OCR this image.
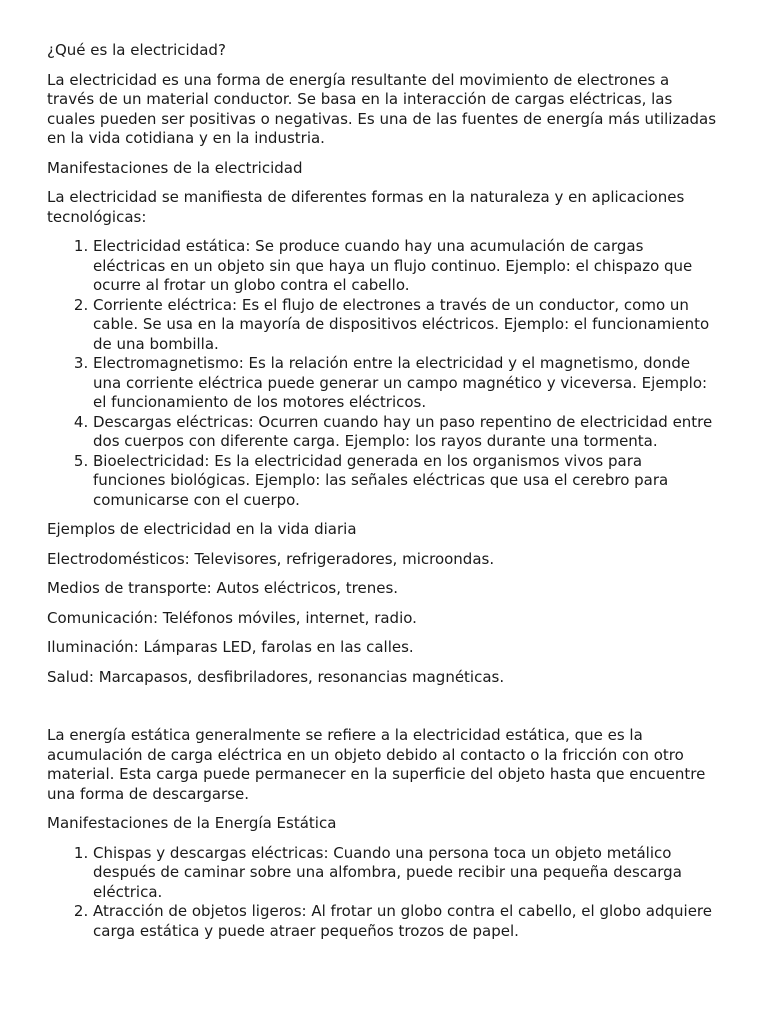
¿Qué es la electricidad?

La electricidad es una forma de energía resultante del movimiento de electrones a través de un material conductor. Se basa en la interacción de cargas eléctricas, las cuales pueden ser positivas o negativas. Es una de las fuentes de energía más utilizadas en la vida cotidiana y en la industria.

Manifestaciones de la electricidad

La electricidad se manifiesta de diferentes formas en la naturaleza y en aplicaciones tecnológicas:

1. Electricidad estática: Se produce cuando hay una acumulación de cargas eléctricas en un objeto sin que haya un flujo continuo. Ejemplo: el chispazo que ocurre al frotar un globo contra el cabello.
2. Corriente eléctrica: Es el flujo de electrones a través de un conductor, como un cable. Se usa en la mayoría de dispositivos eléctricos. Ejemplo: el funcionamiento de una bombilla.
3. Electromagnetismo: Es la relación entre la electricidad y el magnetismo, donde una corriente eléctrica puede generar un campo magnético y viceversa. Ejemplo: el funcionamiento de los motores eléctricos.
4. Descargas eléctricas: Ocurren cuando hay un paso repentino de electricidad entre dos cuerpos con diferente carga. Ejemplo: los rayos durante una tormenta.
5. Bioelectricidad: Es la electricidad generada en los organismos vivos para funciones biológicas. Ejemplo: las señales eléctricas que usa el cerebro para comunicarse con el cuerpo.

Ejemplos de electricidad en la vida diaria

Electrodomésticos: Televisores, refrigeradores, microondas.

Medios de transporte: Autos eléctricos, trenes.

Comunicación: Teléfonos móviles, internet, radio.

Iluminación: Lámparas LED, farolas en las calles.

Salud: Marcapasos, desfibriladores, resonancias magnéticas.

La energía estática generalmente se refiere a la electricidad estática, que es la acumulación de carga eléctrica en un objeto debido al contacto o la fricción con otro material. Esta carga puede permanecer en la superficie del objeto hasta que encuentre una forma de descargarse.

Manifestaciones de la Energía Estática

1. Chispas y descargas eléctricas: Cuando una persona toca un objeto metálico después de caminar sobre una alfombra, puede recibir una pequeña descarga eléctrica.
2. Atracción de objetos ligeros: Al frotar un globo contra el cabello, el globo adquiere carga estática y puede atraer pequeños trozos de papel.
